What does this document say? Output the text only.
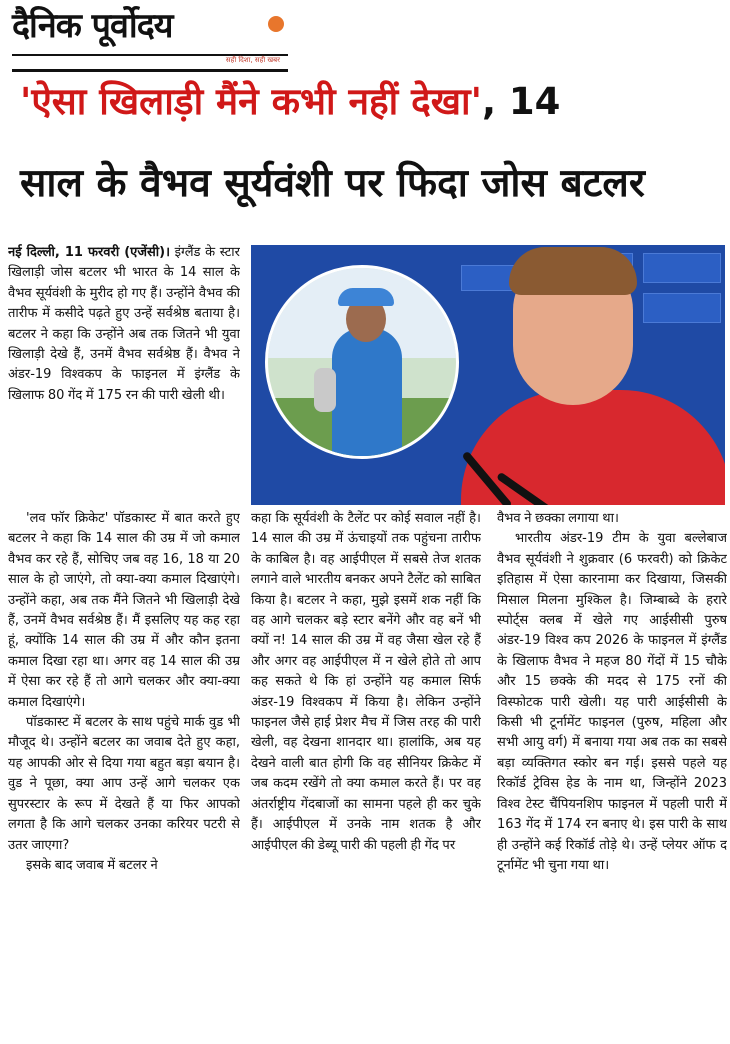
दैनिक पूर्वोदय
सही दिशा, सही खबर
'ऐसा खिलाड़ी मैंने कभी नहीं देखा', 14
साल के वैभव सूर्यवंशी पर फिदा जोस बटलर

नई दिल्ली, 11 फरवरी (एजेंसी)। इंग्लैंड के स्टार खिलाड़ी जोस बटलर भी भारत के 14 साल के वैभव सूर्यवंशी के मुरीद हो गए हैं। उन्होंने वैभव की तारीफ में कसीदे पढ़ते हुए उन्हें सर्वश्रेष्ठ बताया है। बटलर ने कहा कि उन्होंने अब तक जितने भी युवा खिलाड़ी देखे हैं, उनमें वैभव सर्वश्रेष्ठ हैं। वैभव ने अंडर-19 विश्वकप के फाइनल में इंग्लैंड के खिलाफ 80 गेंद में 175 रन की पारी खेली थी।

'लव फॉर क्रिकेट' पॉडकास्ट में बात करते हुए बटलर ने कहा कि 14 साल की उम्र में जो कमाल वैभव कर रहे हैं, सोचिए जब वह 16, 18 या 20 साल के हो जाएंगे, तो क्या-क्या कमाल दिखाएंगे। उन्होंने कहा, अब तक मैंने जितने भी खिलाड़ी देखे हैं, उनमें वैभव सर्वश्रेष्ठ हैं। मैं इसलिए यह कह रहा हूं, क्योंकि 14 साल की उम्र में और कौन इतना कमाल दिखा रहा था। अगर वह 14 साल की उम्र में ऐसा कर रहे हैं तो आगे चलकर और क्या-क्या कमाल दिखाएंगे।

पॉडकास्ट में बटलर के साथ पहुंचे मार्क वुड भी मौजूद थे। उन्होंने बटलर का जवाब देते हुए कहा, यह आपकी ओर से दिया गया बहुत बड़ा बयान है। वुड ने पूछा, क्या आप उन्हें आगे चलकर एक सुपरस्टार के रूप में देखते हैं या फिर आपको लगता है कि आगे चलकर उनका करियर पटरी से उतर जाएगा?

इसके बाद जवाब में बटलर ने

कहा कि सूर्यवंशी के टैलेंट पर कोई सवाल नहीं है। 14 साल की उम्र में ऊंचाइयों तक पहुंचना तारीफ के काबिल है। वह आईपीएल में सबसे तेज शतक लगाने वाले भारतीय बनकर अपने टैलेंट को साबित किया है। बटलर ने कहा, मुझे इसमें शक नहीं कि वह आगे चलकर बड़े स्टार बनेंगे और वह बनें भी क्यों न! 14 साल की उम्र में वह जैसा खेल रहे हैं और अगर वह आईपीएल में न खेले होते तो आप कह सकते थे कि हां उन्होंने यह कमाल सिर्फ अंडर-19 विश्वकप में किया है। लेकिन उन्होंने फाइनल जैसे हाई प्रेशर मैच में जिस तरह की पारी खेली, वह देखना शानदार था। हालांकि, अब यह देखने वाली बात होगी कि वह सीनियर क्रिकेट में जब कदम रखेंगे तो क्या कमाल करते हैं। पर वह अंतर्राष्ट्रीय गेंदबाजों का सामना पहले ही कर चुके हैं। आईपीएल में उनके नाम शतक है और आईपीएल की डेब्यू पारी की पहली ही गेंद पर

वैभव ने छक्का लगाया था।

भारतीय अंडर-19 टीम के युवा बल्लेबाज वैभव सूर्यवंशी ने शुक्रवार (6 फरवरी) को क्रिकेट इतिहास में ऐसा कारनामा कर दिखाया, जिसकी मिसाल मिलना मुश्किल है। जिम्बाब्वे के हरारे स्पोर्ट्स क्लब में खेले गए आईसीसी पुरुष अंडर-19 विश्व कप 2026 के फाइनल में इंग्लैंड के खिलाफ वैभव ने महज 80 गेंदों में 15 चौके और 15 छक्के की मदद से 175 रनों की विस्फोटक पारी खेली। यह पारी आईसीसी के किसी भी टूर्नामेंट फाइनल (पुरुष, महिला और सभी आयु वर्ग) में बनाया गया अब तक का सबसे बड़ा व्यक्तिगत स्कोर बन गई। इससे पहले यह रिकॉर्ड ट्रेविस हेड के नाम था, जिन्होंने 2023 विश्व टेस्ट चैंपियनशिप फाइनल में पहली पारी में 163 गेंद में 174 रन बनाए थे। इस पारी के साथ ही उन्होंने कई रिकॉर्ड तोड़े थे। उन्हें प्लेयर ऑफ द टूर्नामेंट भी चुना गया था।
